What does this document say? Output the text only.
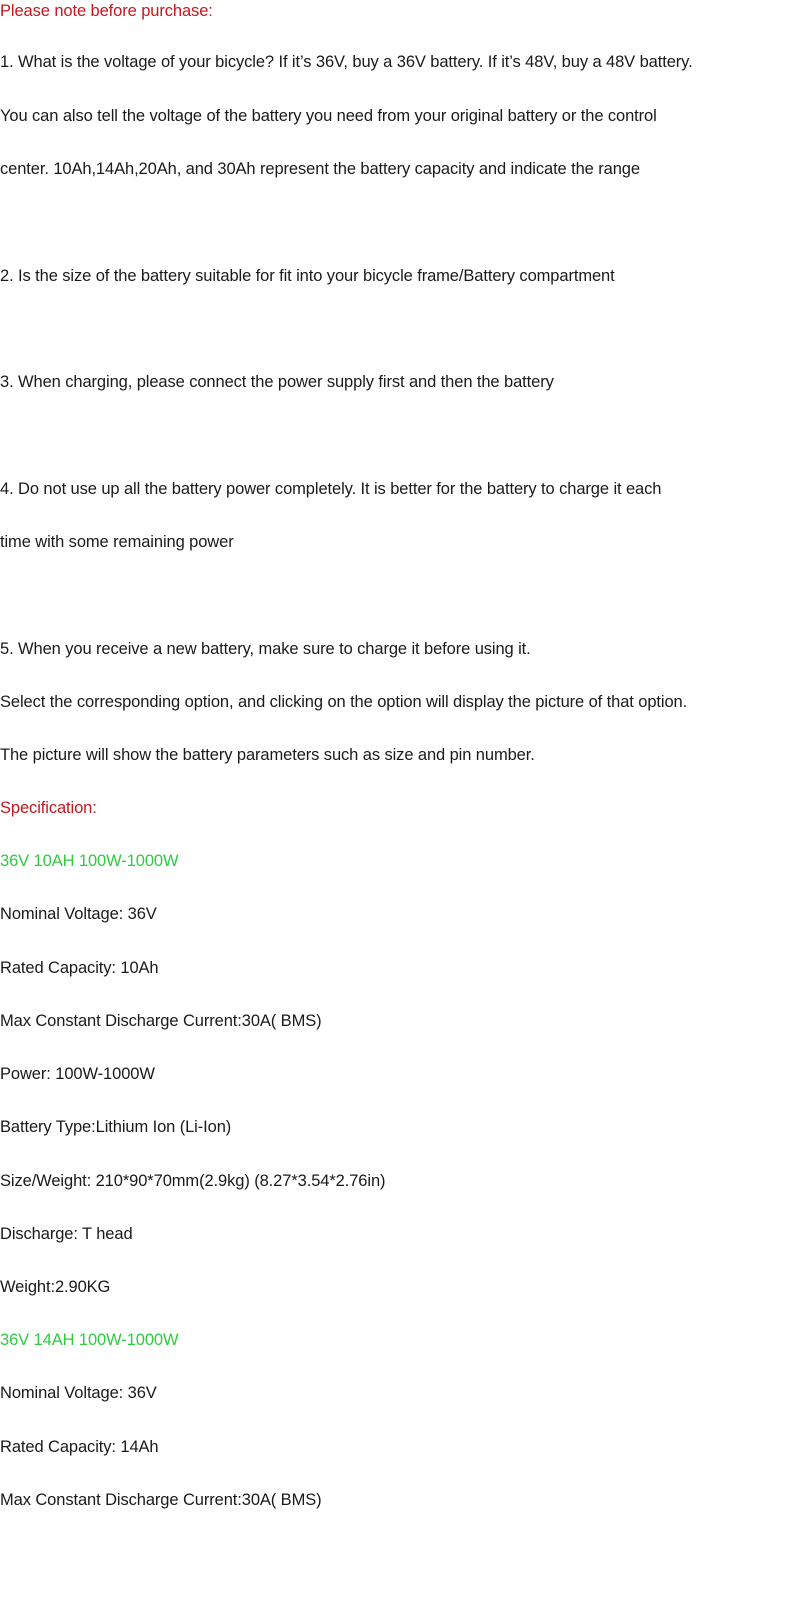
Please note before purchase:

1. What is the voltage of your bicycle? If it’s 36V, buy a 36V battery. If it’s 48V, buy a 48V battery.

You can also tell the voltage of the battery you need from your original battery or the control

center. 10Ah,14Ah,20Ah, and 30Ah represent the battery capacity and indicate the range

2. Is the size of the battery suitable for fit into your bicycle frame/Battery compartment

3. When charging, please connect the power supply first and then the battery

4. Do not use up all the battery power completely. It is better for the battery to charge it each

time with some remaining power

5. When you receive a new battery, make sure to charge it before using it.

Select the corresponding option, and clicking on the option will display the picture of that option.

The picture will show the battery parameters such as size and pin number.

Specification:

36V 10AH 100W-1000W

Nominal Voltage: 36V

Rated Capacity: 10Ah

Max Constant Discharge Current:30A( BMS)

Power: 100W-1000W

Battery Type:Lithium Ion (Li-Ion)

Size/Weight: 210*90*70mm(2.9kg) (8.27*3.54*2.76in)

Discharge: T head

Weight:2.90KG

36V 14AH 100W-1000W

Nominal Voltage: 36V

Rated Capacity: 14Ah

Max Constant Discharge Current:30A( BMS)
